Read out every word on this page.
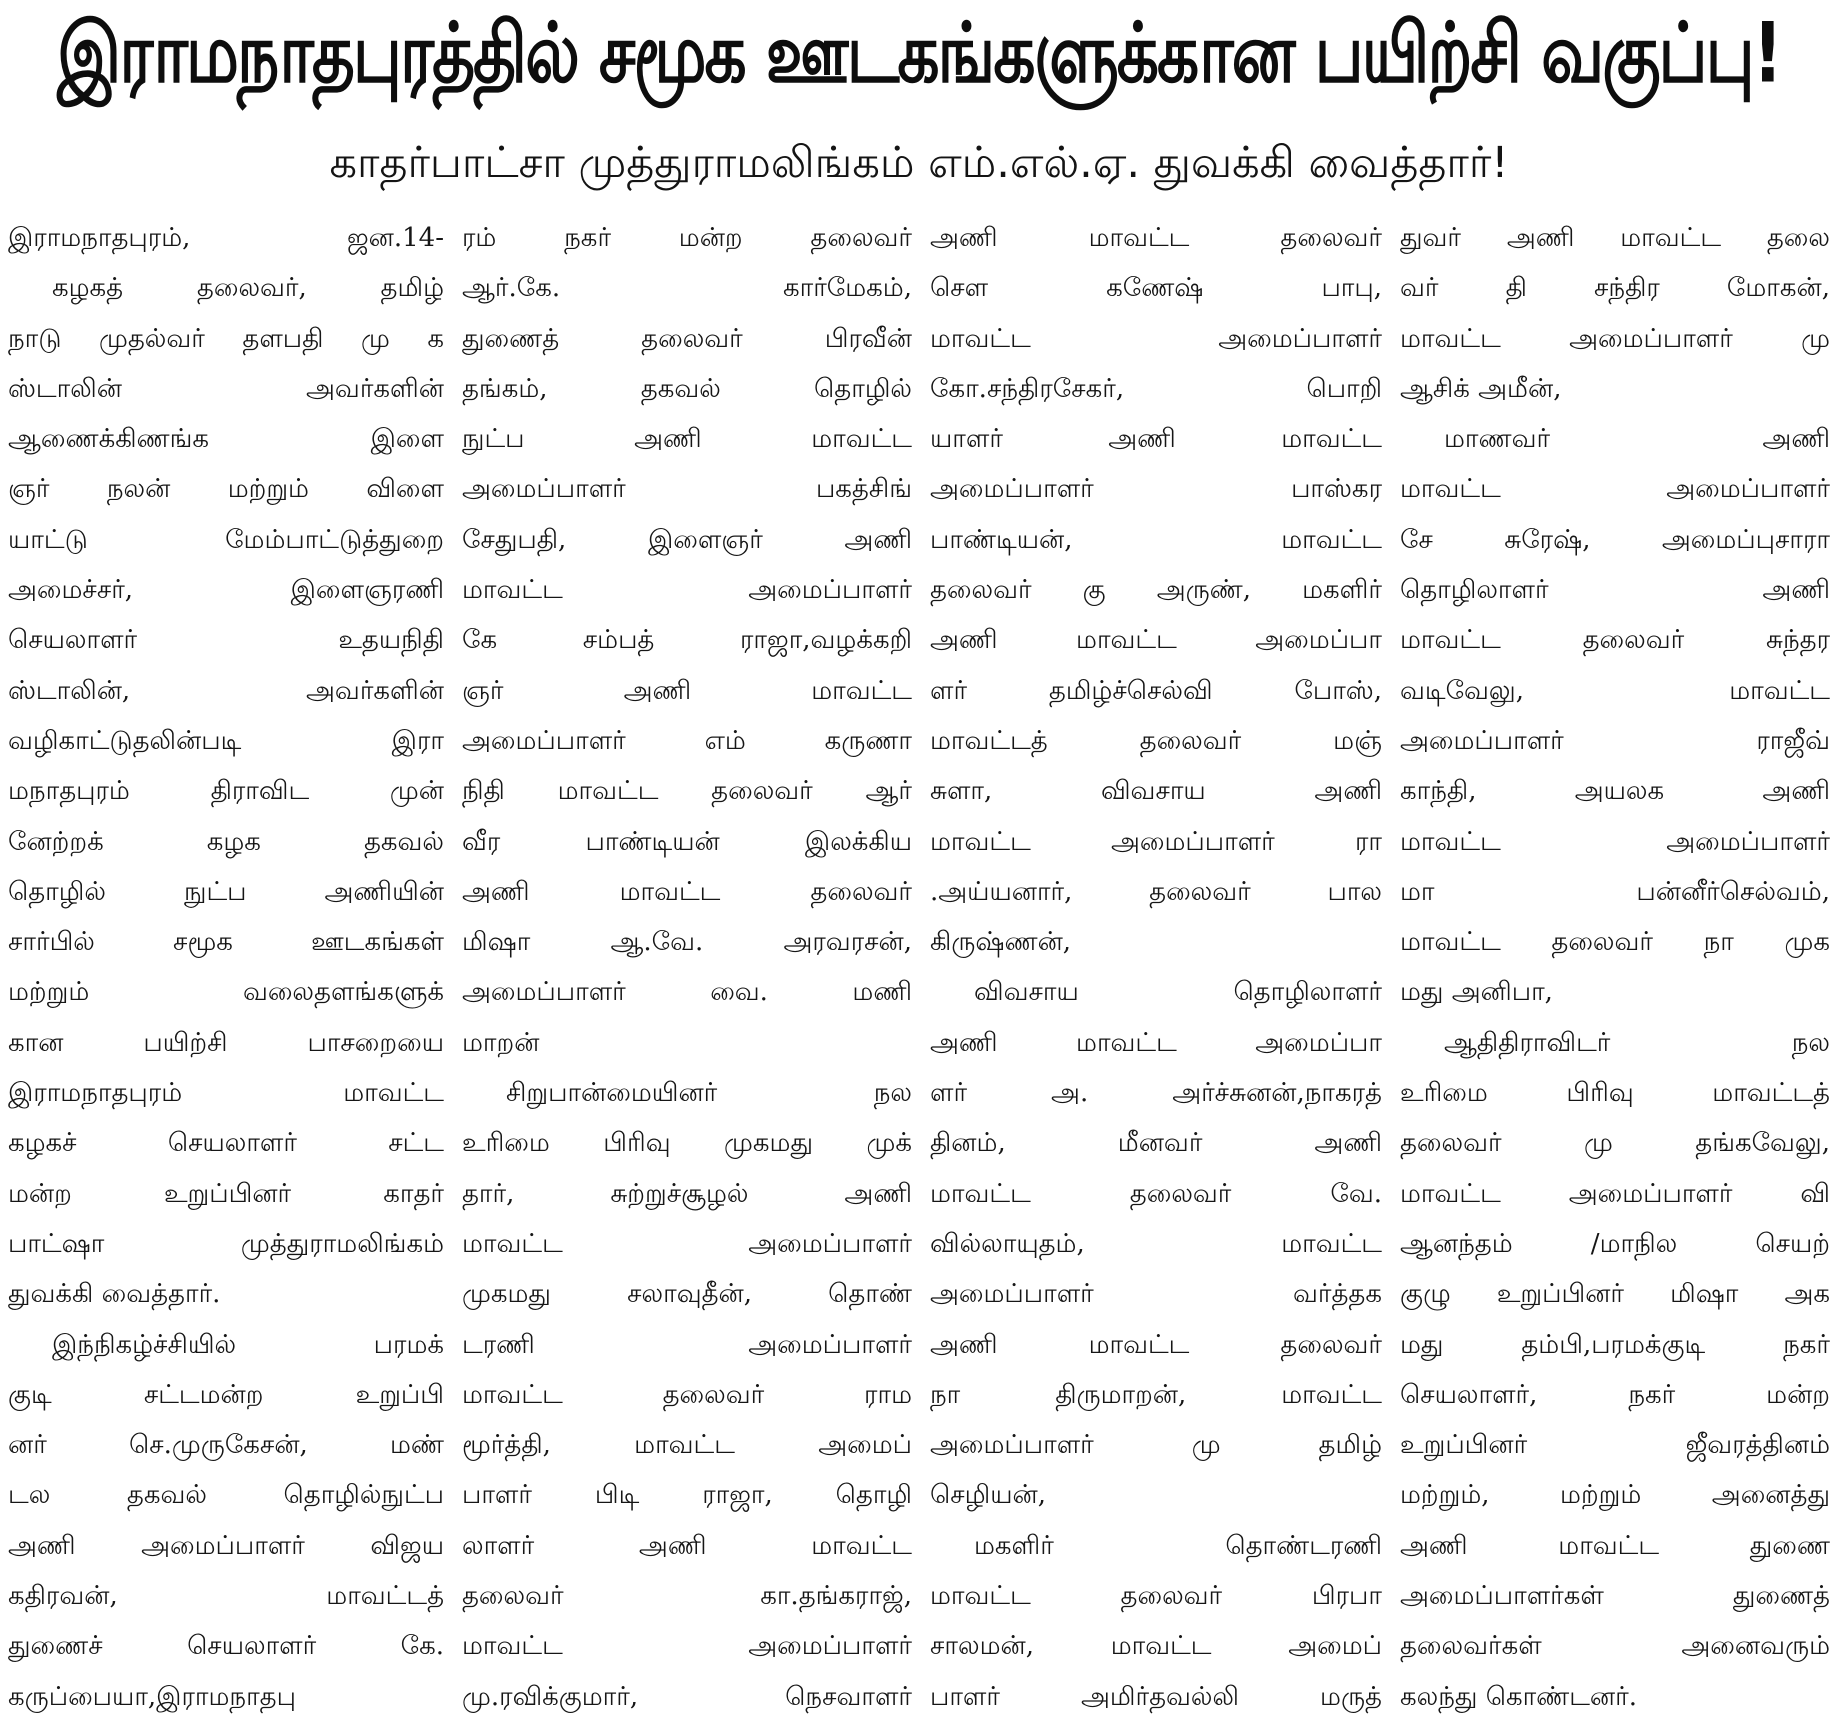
இராமநாதபுரத்தில் சமூக ஊடகங்களுக்கான பயிற்சி வகுப்பு!
காதர்பாட்சா முத்துராமலிங்கம் எம்.எல்.ஏ. துவக்கி வைத்தார்!
இராமநாதபுரம், ஜன.14-
கழகத் தலைவர், தமிழ்
நாடு முதல்வர் தளபதி மு க
ஸ்டாலின் அவர்களின்
ஆணைக்கிணங்க இளை
ஞர் நலன் மற்றும் விளை
யாட்டு மேம்பாட்டுத்துறை
அமைச்சர், இளைஞரணி
செயலாளர் உதயநிதி
ஸ்டாலின், அவர்களின்
வழிகாட்டுதலின்படி இரா
மநாதபுரம் திராவிட முன்
னேற்றக் கழக தகவல்
தொழில் நுட்ப அணியின்
சார்பில் சமூக ஊடகங்கள்
மற்றும் வலைதளங்களுக்
கான பயிற்சி பாசறையை
இராமநாதபுரம் மாவட்ட
கழகச் செயலாளர் சட்ட
மன்ற உறுப்பினர் காதர்
பாட்ஷா முத்துராமலிங்கம்
துவக்கி வைத்தார்.
இந்நிகழ்ச்சியில் பரமக்
குடி சட்டமன்ற உறுப்பி
னர் செ.முருகேசன், மண்
டல தகவல் தொழில்நுட்ப
அணி அமைப்பாளர் விஜய
கதிரவன், மாவட்டத்
துணைச் செயலாளர் கே.
கருப்பையா,இராமநாதபு
ரம் நகர் மன்ற தலைவர்
ஆர்.கே. கார்மேகம்,
துணைத் தலைவர் பிரவீன்
தங்கம், தகவல் தொழில்
நுட்ப அணி மாவட்ட
அமைப்பாளர் பகத்சிங்
சேதுபதி, இளைஞர் அணி
மாவட்ட அமைப்பாளர்
கே சம்பத் ராஜா,வழக்கறி
ஞர் அணி மாவட்ட
அமைப்பாளர் எம் கருணா
நிதி மாவட்ட தலைவர் ஆர்
வீர பாண்டியன் இலக்கிய
அணி மாவட்ட தலைவர்
மிஷா ஆ.வே. அரவரசன்,
அமைப்பாளர் வை. மணி
மாறன்
சிறுபான்மையினர் நல
உரிமை பிரிவு முகமது முக்
தார், சுற்றுச்சூழல் அணி
மாவட்ட அமைப்பாளர்
முகமது சலாவுதீன், தொண்
டரணி அமைப்பாளர்
மாவட்ட தலைவர் ராம
மூர்த்தி, மாவட்ட அமைப்
பாளர் பிடி ராஜா, தொழி
லாளர் அணி மாவட்ட
தலைவர் கா.தங்கராஜ்,
மாவட்ட அமைப்பாளர்
மு.ரவிக்குமார், நெசவாளர்
அணி மாவட்ட தலைவர்
செள கணேஷ் பாபு,
மாவட்ட அமைப்பாளர்
கோ.சந்திரசேகர், பொறி
யாளர் அணி மாவட்ட
அமைப்பாளர் பாஸ்கர
பாண்டியன், மாவட்ட
தலைவர் கு அருண், மகளிர்
அணி மாவட்ட அமைப்பா
ளர் தமிழ்ச்செல்வி போஸ்,
மாவட்டத் தலைவர் மஞ்
சுளா, விவசாய அணி
மாவட்ட அமைப்பாளர் ரா
.அய்யனார், தலைவர் பால
கிருஷ்ணன்,
விவசாய தொழிலாளர்
அணி மாவட்ட அமைப்பா
ளர் அ. அர்ச்சுனன்,நாகரத்
தினம், மீனவர் அணி
மாவட்ட தலைவர் வே.
வில்லாயுதம், மாவட்ட
அமைப்பாளர் வர்த்தக
அணி மாவட்ட தலைவர்
நா திருமாறன், மாவட்ட
அமைப்பாளர் மு தமிழ்
செழியன்,
மகளிர் தொண்டரணி
மாவட்ட தலைவர் பிரபா
சாலமன், மாவட்ட அமைப்
பாளர் அமிர்தவல்லி மருத்
துவர் அணி மாவட்ட தலை
வர் தி சந்திர மோகன்,
மாவட்ட அமைப்பாளர் மு
ஆசிக் அமீன்,
மாணவர் அணி
மாவட்ட அமைப்பாளர்
சே சுரேஷ், அமைப்புசாரா
தொழிலாளர் அணி
மாவட்ட தலைவர் சுந்தர
வடிவேலு, மாவட்ட
அமைப்பாளர் ராஜீவ்
காந்தி, அயலக அணி
மாவட்ட அமைப்பாளர்
மா பன்னீர்செல்வம்,
மாவட்ட தலைவர் நா முக
மது அனிபா,
ஆதிதிராவிடர் நல
உரிமை பிரிவு மாவட்டத்
தலைவர் மு தங்கவேலு,
மாவட்ட அமைப்பாளர் வி
ஆனந்தம் /மாநில செயற்
குழு உறுப்பினர் மிஷா அக
மது தம்பி,பரமக்குடி நகர்
செயலாளர், நகர் மன்ற
உறுப்பினர் ஜீவரத்தினம்
மற்றும், மற்றும் அனைத்து
அணி மாவட்ட துணை
அமைப்பாளர்கள் துணைத்
தலைவர்கள் அனைவரும்
கலந்து கொண்டனர்.
